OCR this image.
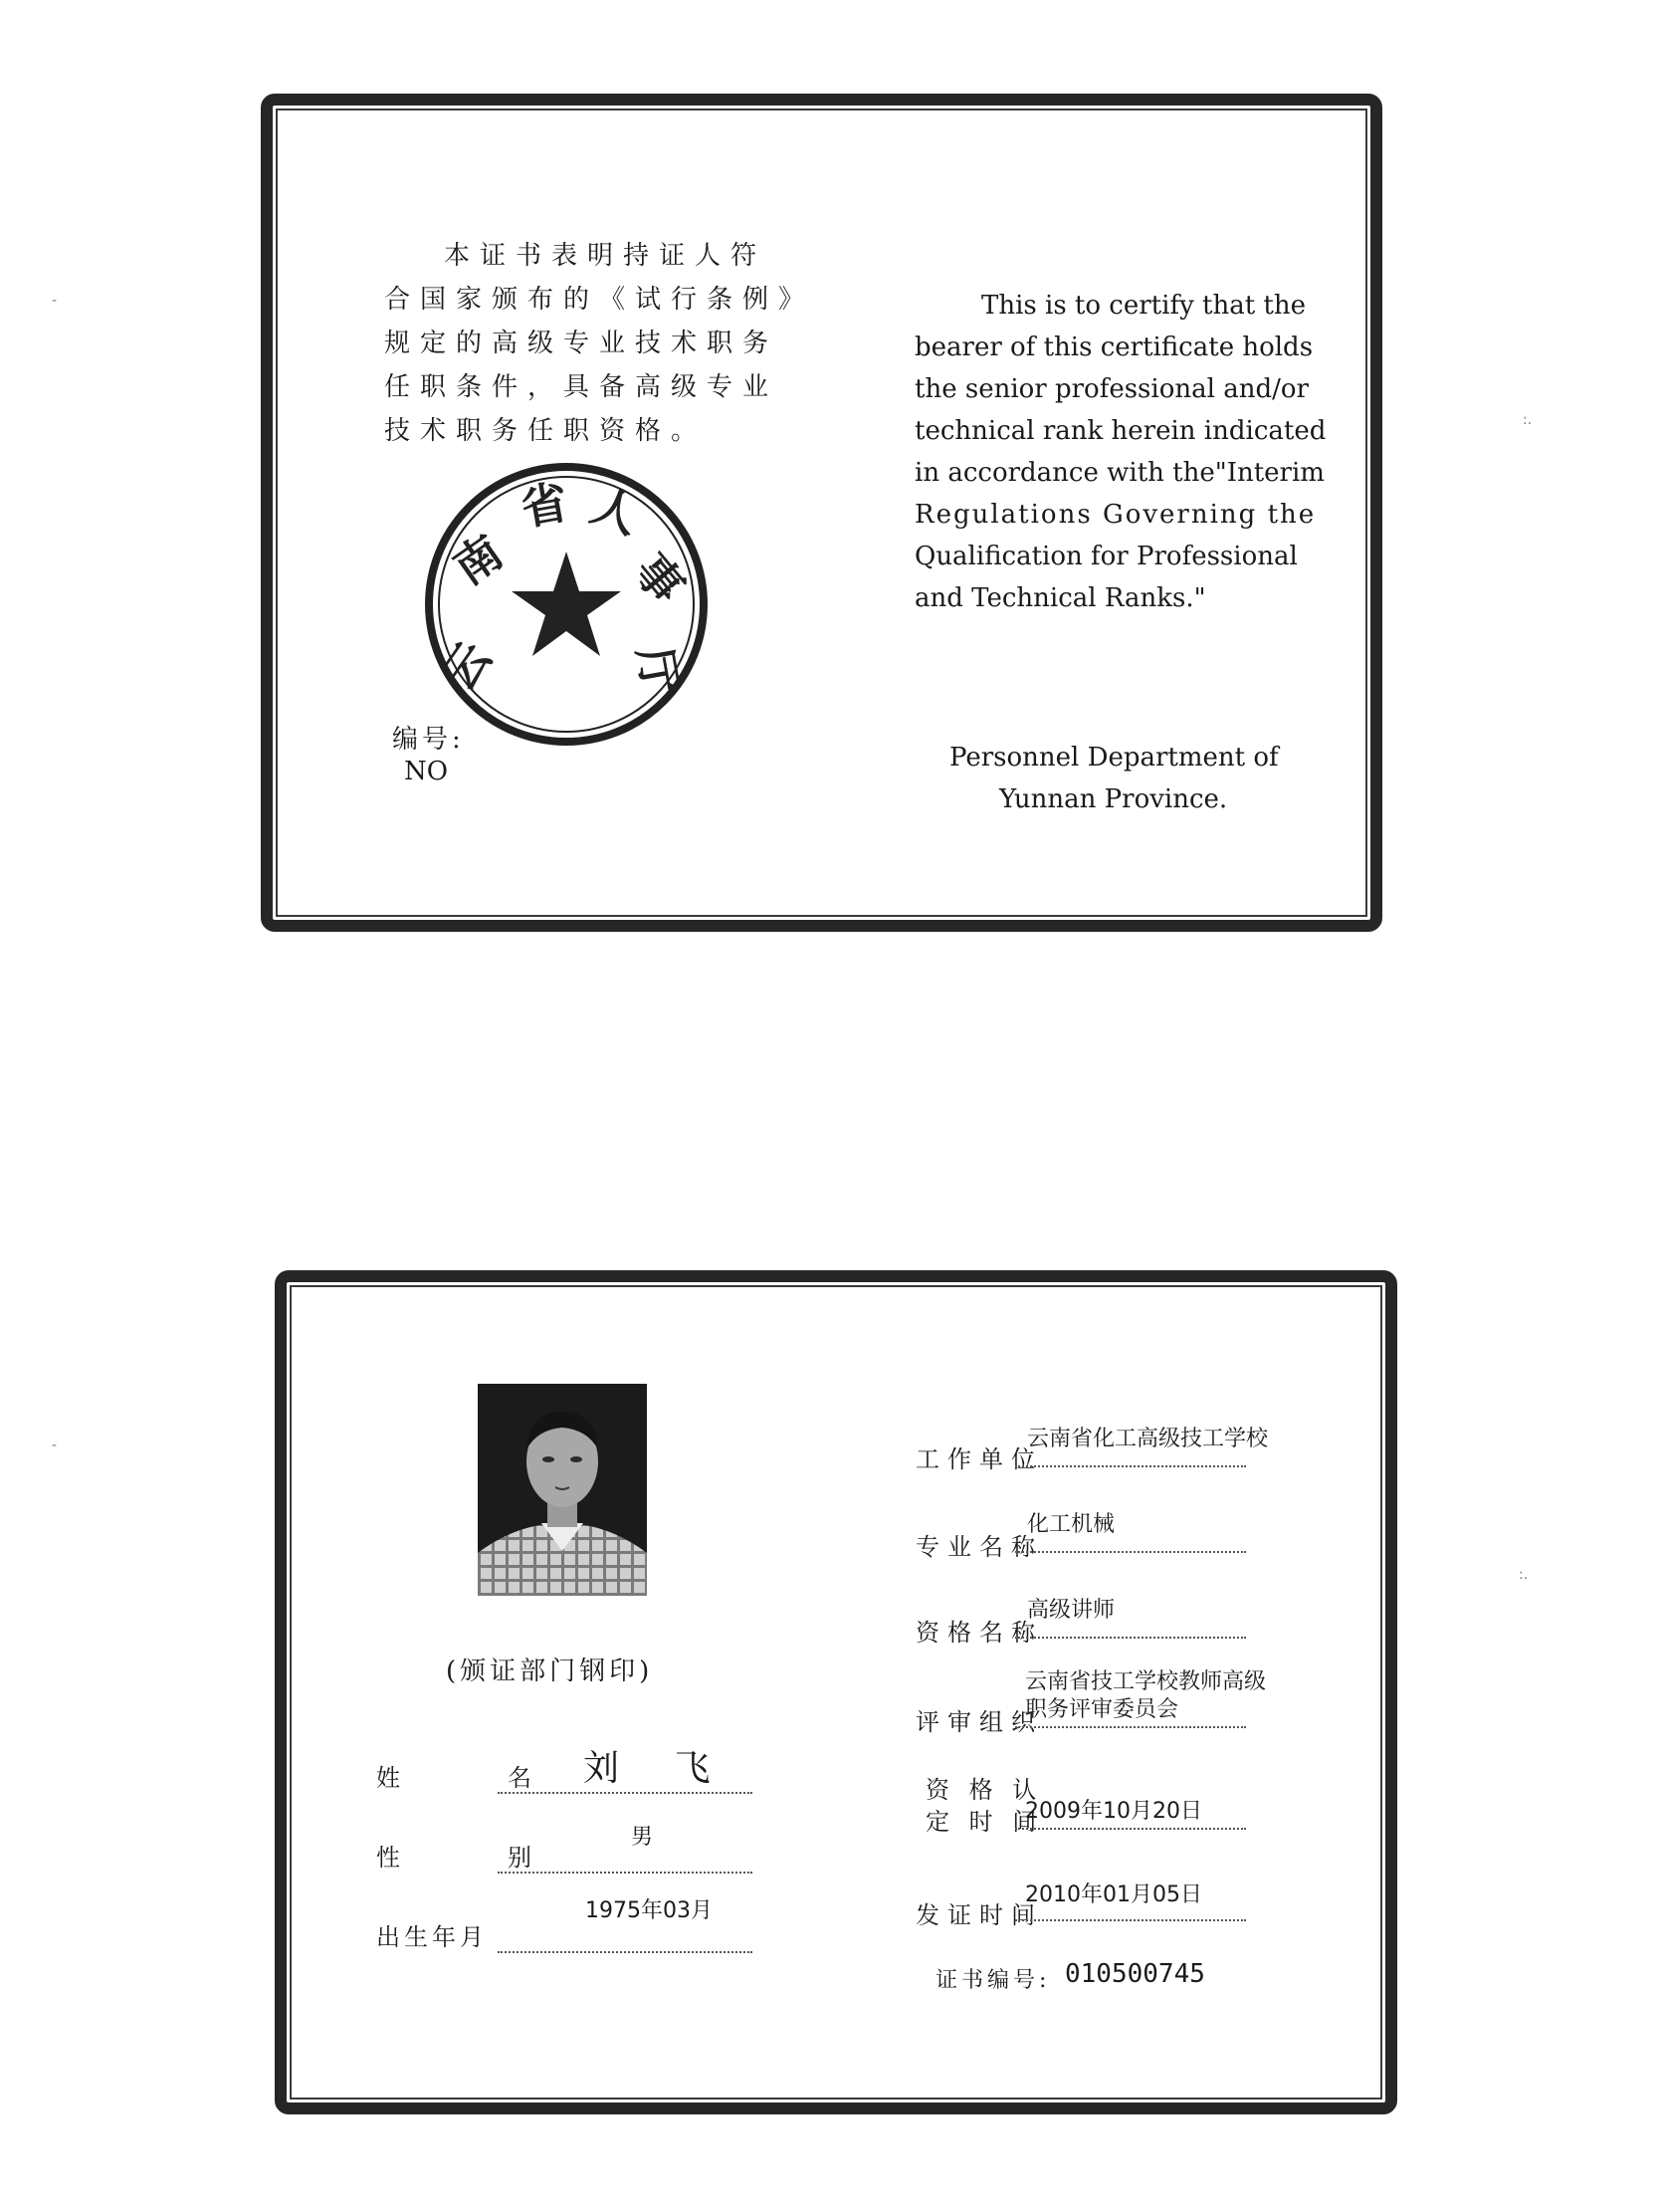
本证书表明持证人符
合国家颁布的《试行条例》
规定的高级专业技术职务
任职条件，具备高级专业
技术职务任职资格。
云
南
省 人
事
厅
编号:
NO
This is to certify that the
bearer of this certificate holds
the senior professional and/or
technical rank herein indicated
in accordance with the"Interim
Regulations Governing the
Qualification for Professional
and Technical Ranks."
Personnel Department of
Yunnan Province.
(颁证部门钢印)
姓　　名 刘 飞
性　　别
男
出生年月
1975年03月
工作单位
云南省化工高级技工学校
专业名称
化工机械
资格名称
高级讲师
评审组织
云南省技工学校教师高级
职务评审委员会
资 格 认
定 时 间
2009年10月20日
发证时间
2010年01月05日
证书编号: 010500745
-
-
:.
:.
